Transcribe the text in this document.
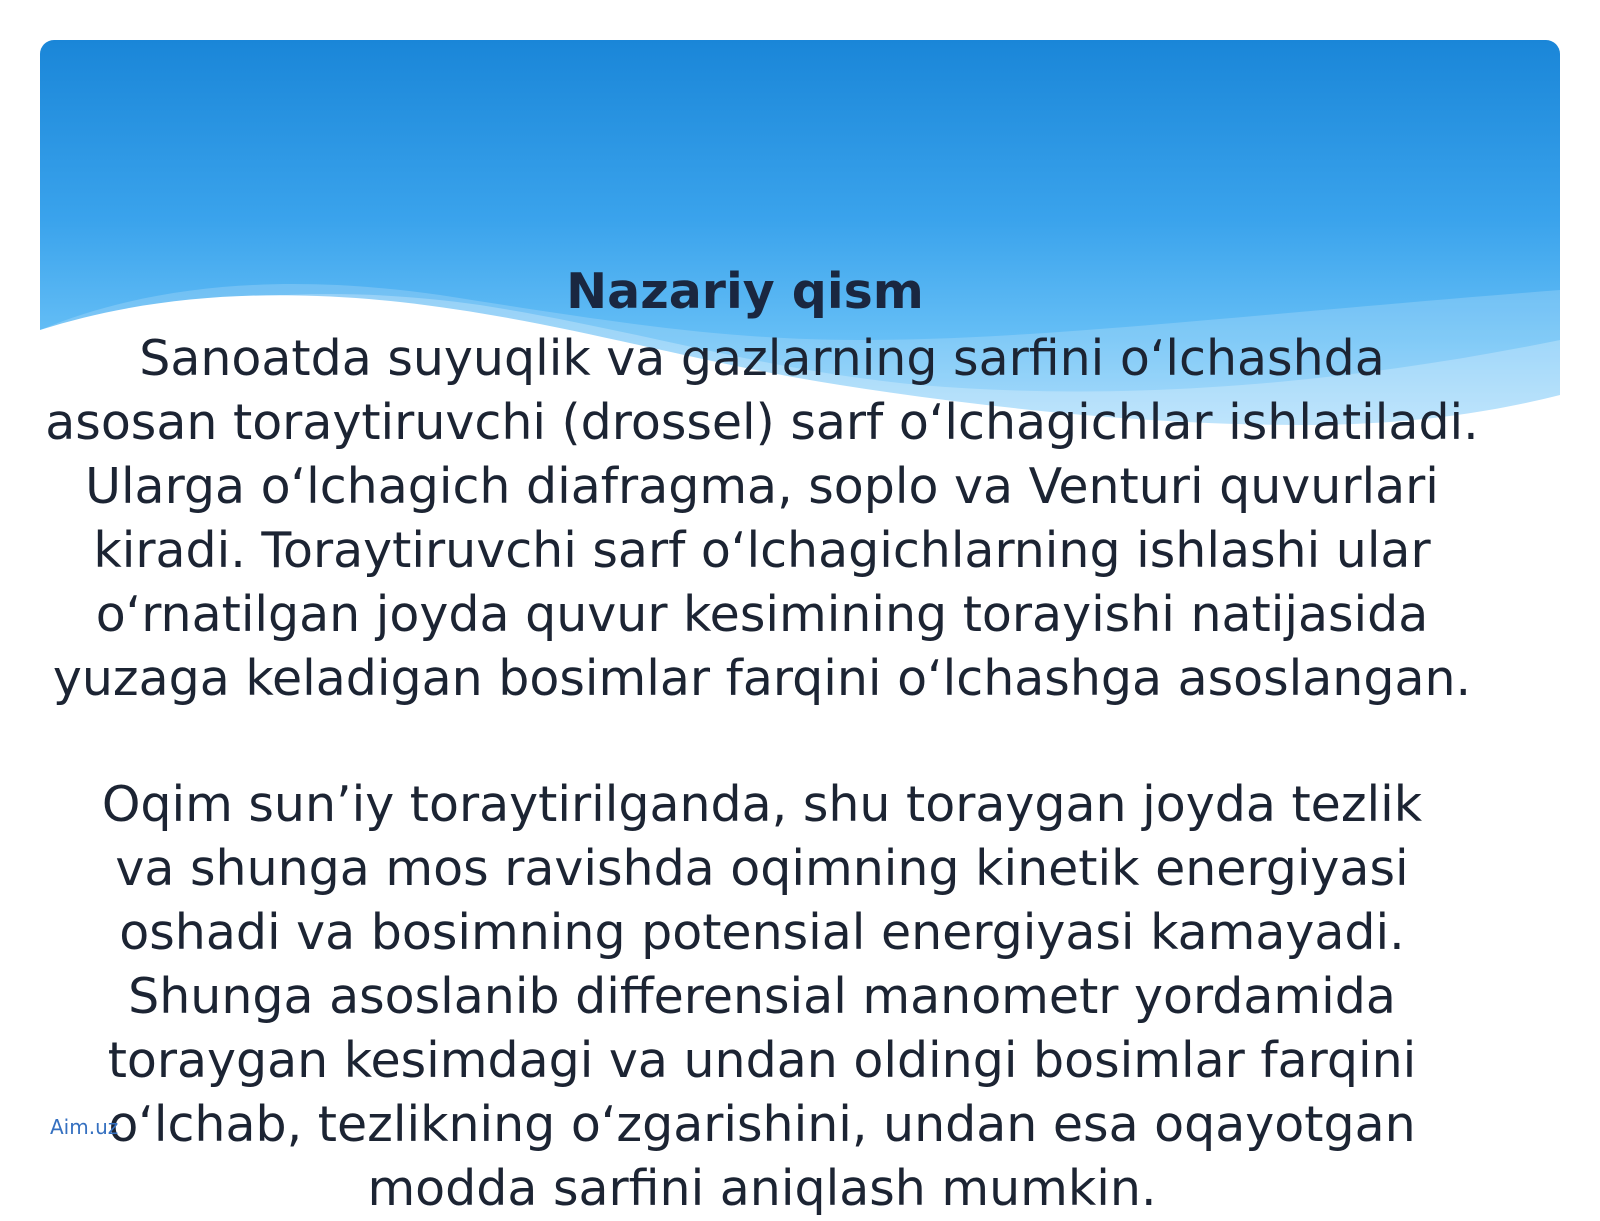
Nazariy qism

Sanoatda suyuqlik va gazlarning sarfini oʻlchashda
asosan toraytiruvchi (drossel) sarf oʻlchagichlar ishlatiladi.
Ularga oʻlchagich diafragma, soplo va Venturi quvurlari
kiradi. Toraytiruvchi sarf oʻlchagichlarning ishlashi ular
oʻrnatilgan joyda quvur kesimining torayishi natijasida
yuzaga keladigan bosimlar farqini oʻlchashga asoslangan.

Oqim sunʼiy toraytirilganda, shu toraygan joyda tezlik
va shunga mos ravishda oqimning kinetik energiyasi
oshadi va bosimning potensial energiyasi kamayadi.
Shunga asoslanib differensial manometr yordamida
toraygan kesimdagi va undan oldingi bosimlar farqini
oʻlchab, tezlikning oʻzgarishini, undan esa oqayotgan
modda sarfini aniqlash mumkin.

Aim.uz
